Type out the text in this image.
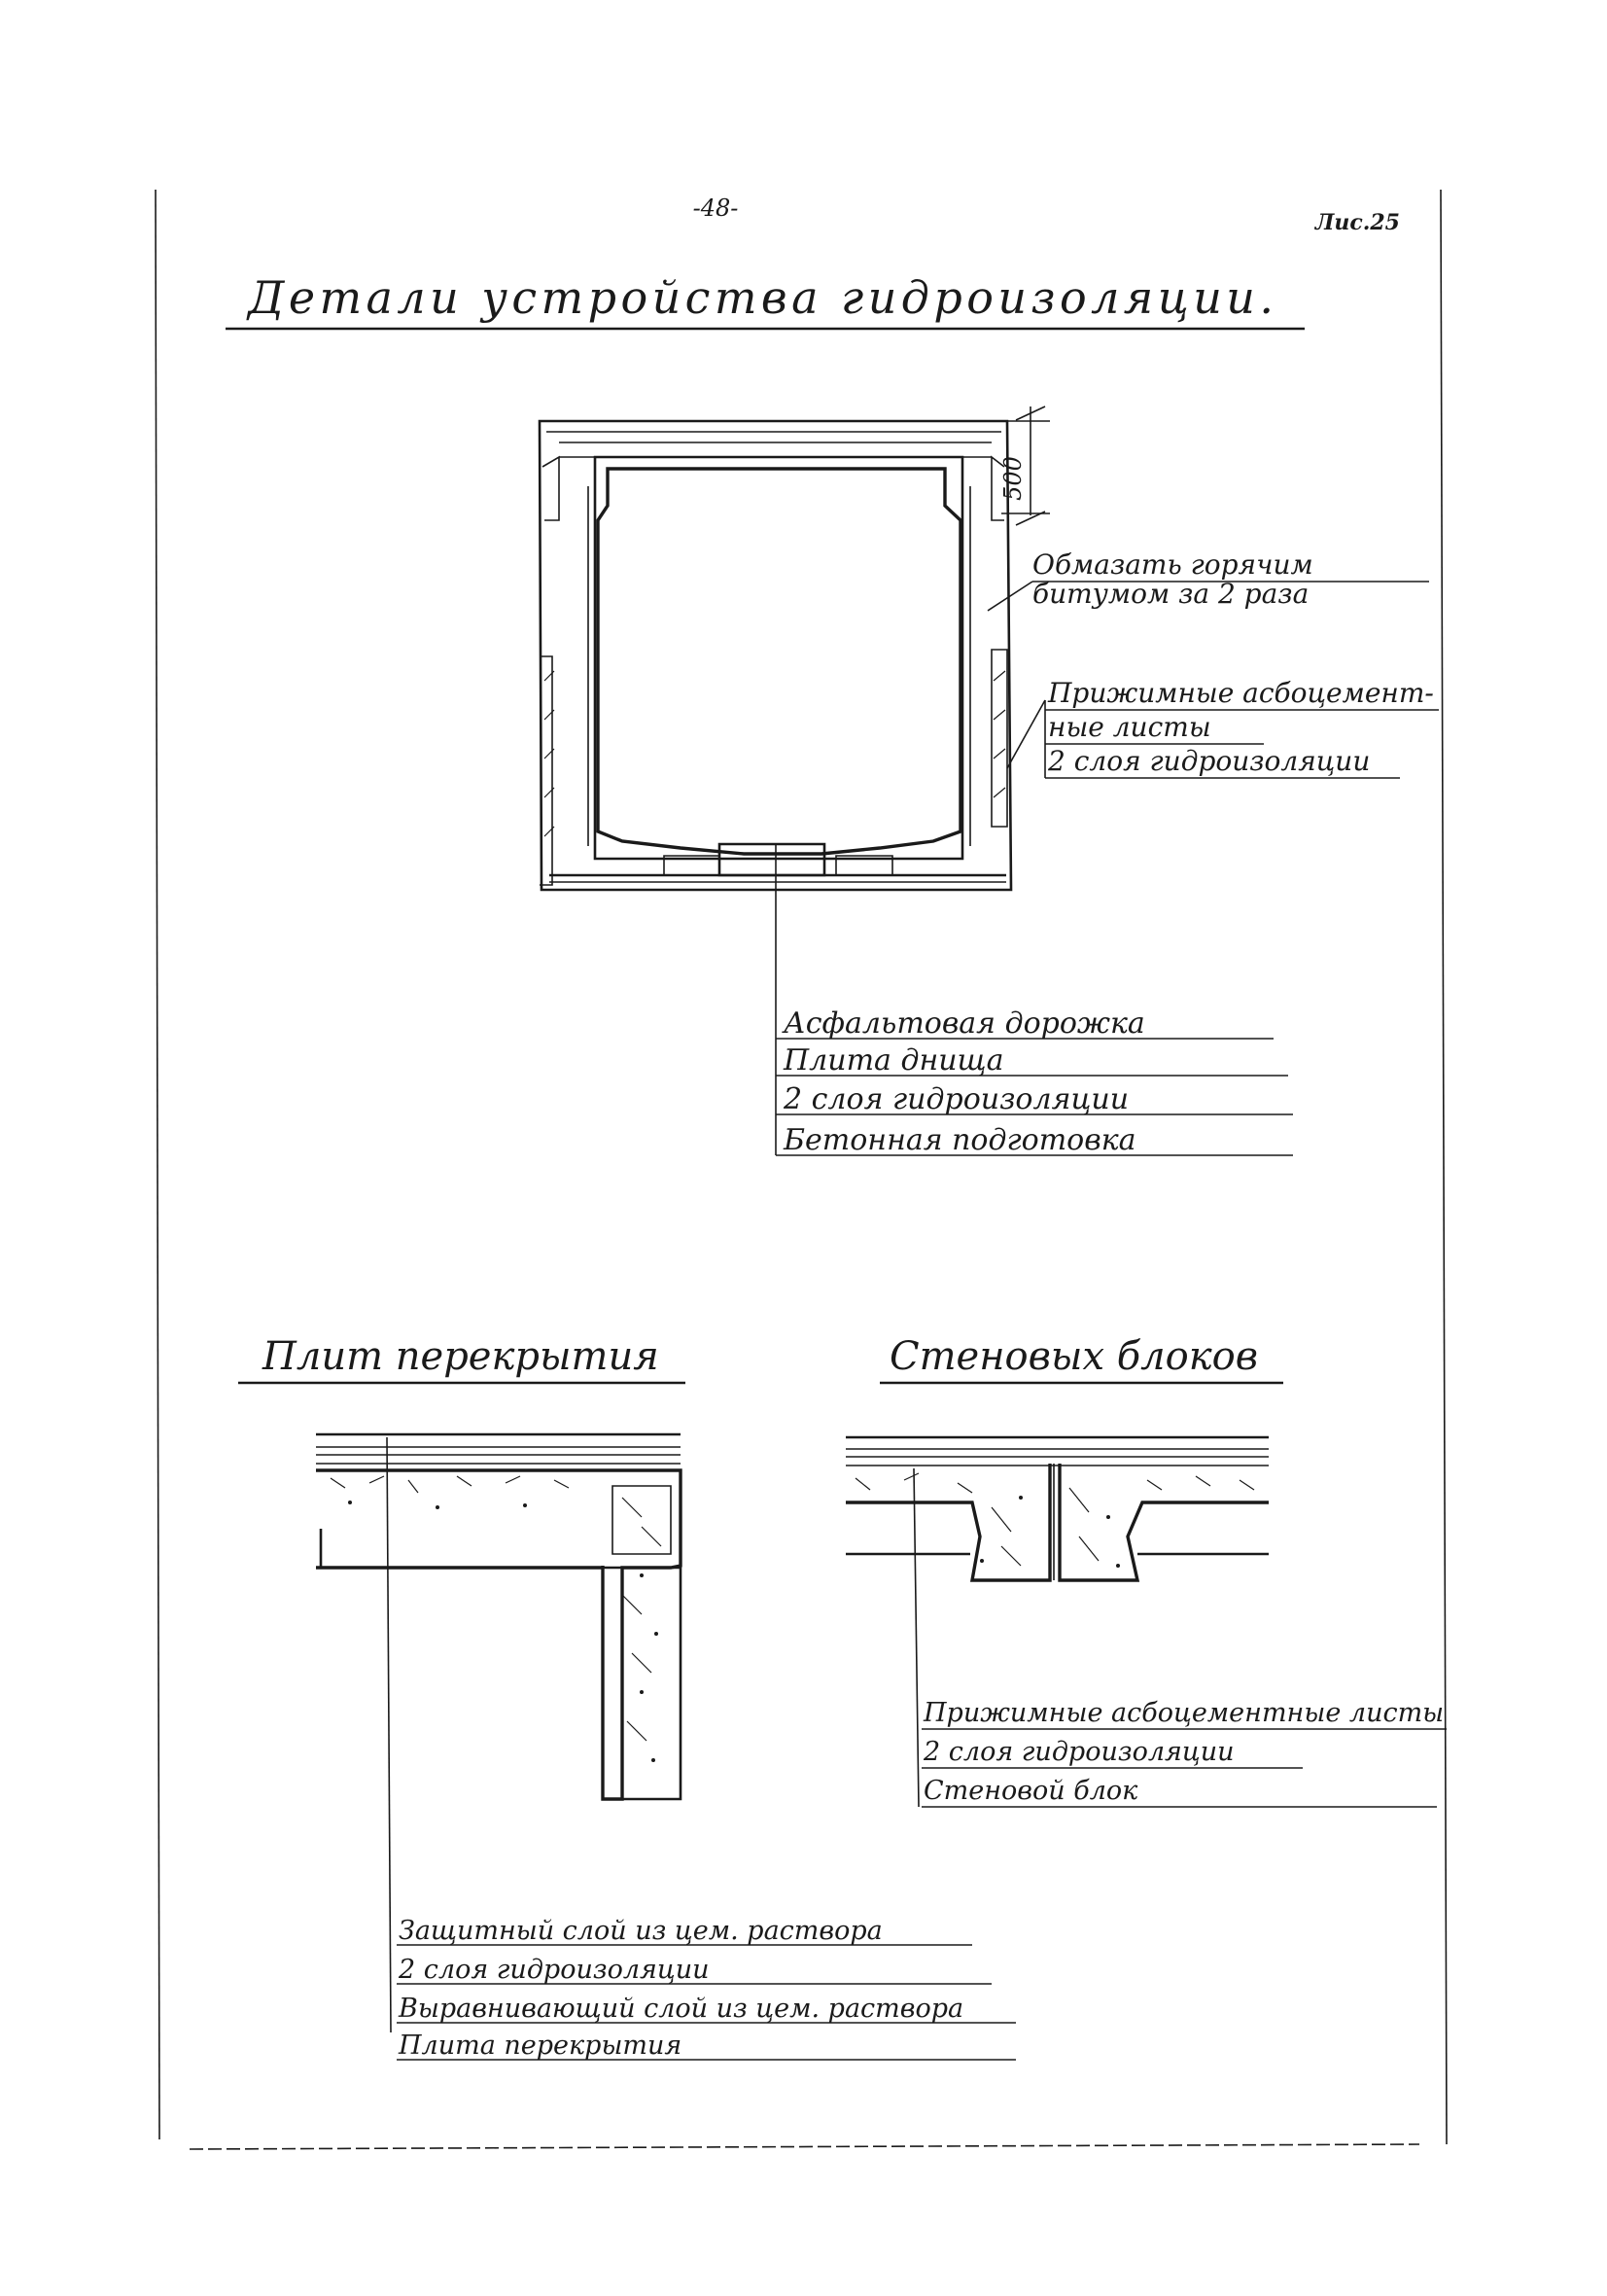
-48-
Лис.25
Детали устройства гидроизоляции.
500
Обмазать горячим
битумом за 2 раза
Прижимные асбоцемент-
ные листы
2 слоя гидроизоляции
Асфальтовая дорожка
Плита днища
2 слоя гидроизоляции
Бетонная подготовка
Плит перекрытия
Защитный слой из цем. раствора
2 слоя гидроизоляции
Выравнивающий слой из цем. раствора
Плита перекрытия
Стеновых блоков
Прижимные асбоцементные листы
2 слоя гидроизоляции
Стеновой блок
